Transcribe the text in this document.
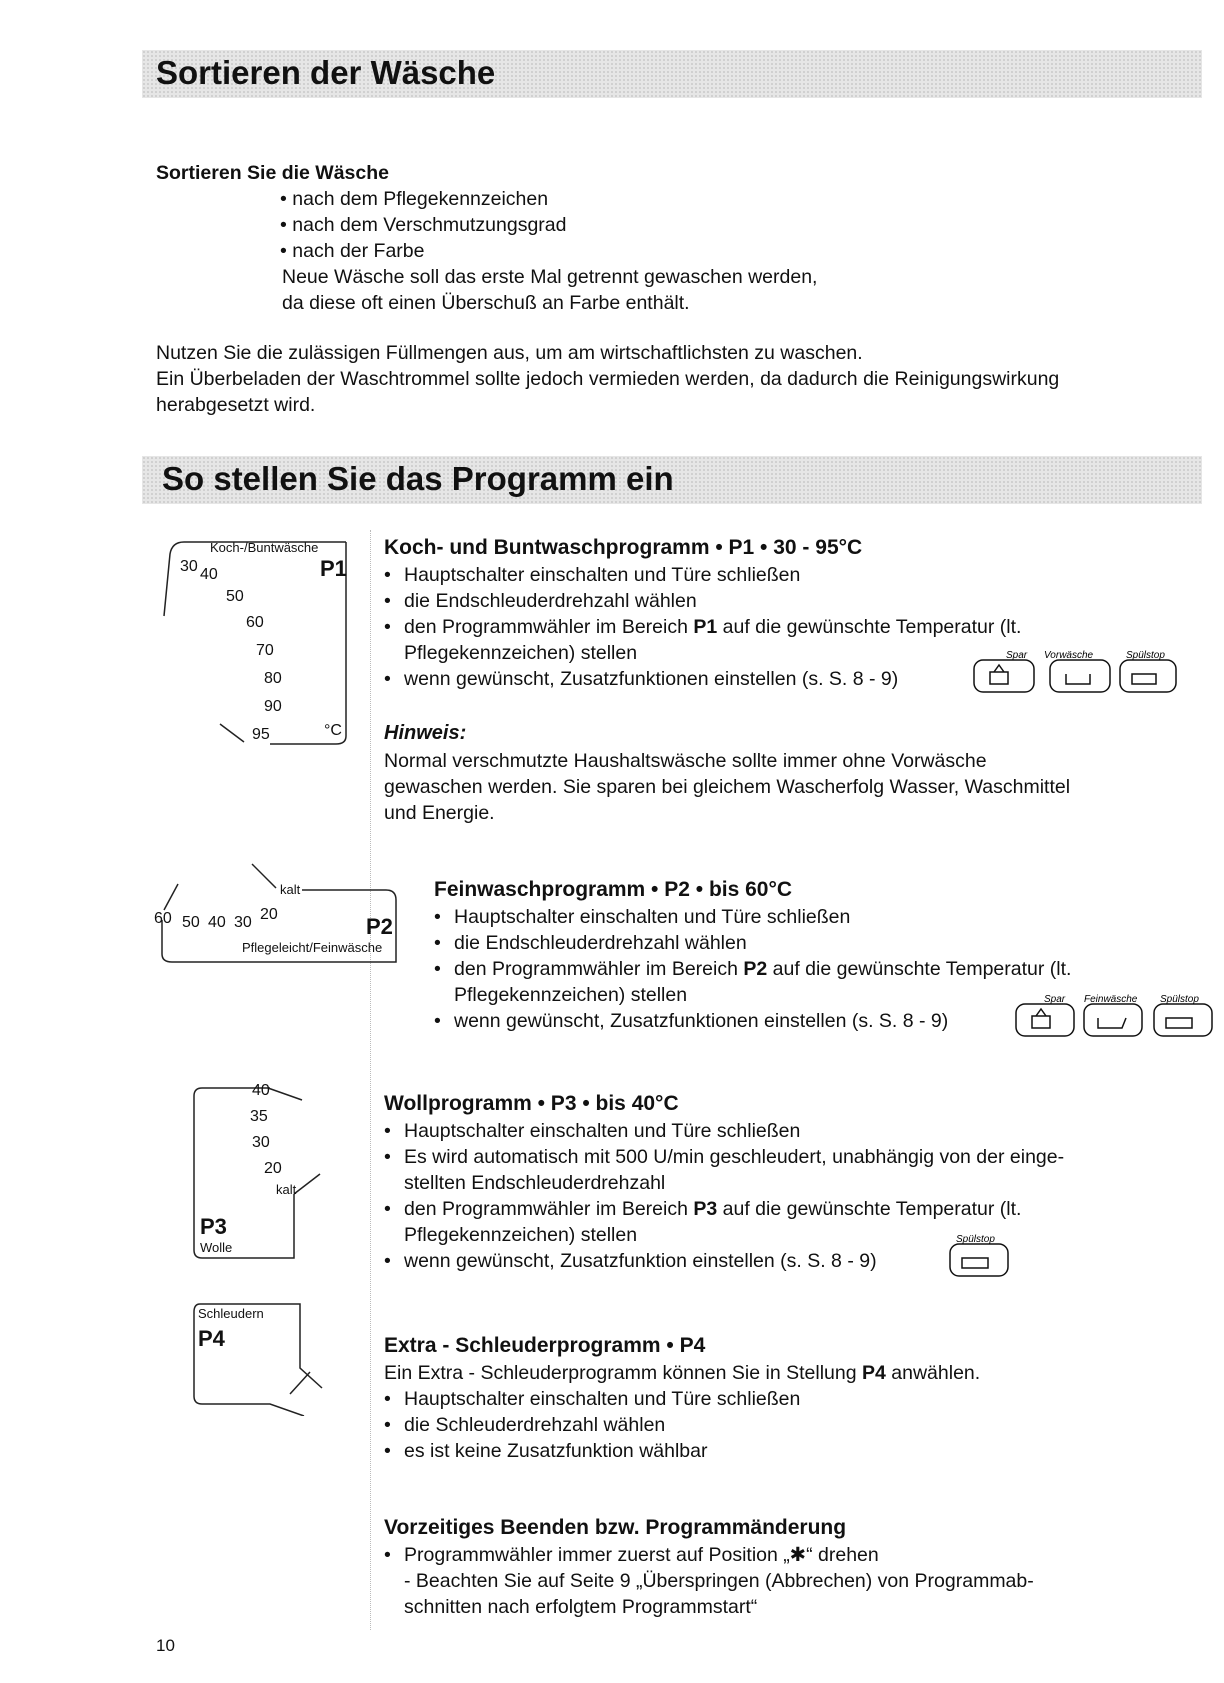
Sortieren der Wäsche
Sortieren Sie die Wäsche
• nach dem Pflegekennzeichen
• nach dem Verschmutzungsgrad
• nach der Farbe
Neue Wäsche soll das erste Mal getrennt gewaschen werden,
da diese oft einen Überschuß an Farbe enthält.
Nutzen Sie die zulässigen Füllmengen aus, um am wirtschaftlichsten zu waschen.
Ein Überbeladen der Waschtrommel sollte jedoch vermieden werden, da dadurch die Reinigungswirkung
herabgesetzt wird.
So stellen Sie das Programm ein
Koch-/Buntwäsche
P1
30 40
50
60
70
80
90
95	°C
Koch- und Buntwaschprogramm • P1 • 30 - 95°C
• Hauptschalter einschalten und Türe schließen
• die Endschleuderdrehzahl wählen
• den Programmwähler im Bereich P1 auf die gewünschte Temperatur (lt.
Pflegekennzeichen) stellen
• wenn gewünscht, Zusatzfunktionen einstellen (s. S. 8 - 9)
Spar Vorwäsche	Spülstop
Hinweis:
Normal verschmutzte Haushaltswäsche sollte immer ohne Vorwäsche
gewaschen werden. Sie sparen bei gleichem Wascherfolg Wasser, Waschmittel
und Energie.
kalt
60 50 40 30 20	P2
Pflegeleicht/Feinwäsche
Feinwaschprogramm • P2 • bis 60°C
• Hauptschalter einschalten und Türe schließen
• die Endschleuderdrehzahl wählen
• den Programmwähler im Bereich P2 auf die gewünschte Temperatur (lt.
Pflegekennzeichen) stellen
• wenn gewünscht, Zusatzfunktionen einstellen (s. S. 8 - 9)
Spar Feinwäsche Spülstop
40
35
30
20
kalt
P3
Wolle
Wollprogramm • P3 • bis 40°C
• Hauptschalter einschalten und Türe schließen
• Es wird automatisch mit 500 U/min geschleudert, unabhängig von der einge-
stellten Endschleuderdrehzahl
• den Programmwähler im Bereich P3 auf die gewünschte Temperatur (lt.
Pflegekennzeichen) stellen
• wenn gewünscht, Zusatzfunktion einstellen (s. S. 8 - 9)
Spülstop
Schleudern
P4	Extra - Schleuderprogramm • P4
Ein Extra - Schleuderprogramm können Sie in Stellung P4 anwählen.
• Hauptschalter einschalten und Türe schließen
• die Schleuderdrehzahl wählen
• es ist keine Zusatzfunktion wählbar
Vorzeitiges Beenden bzw. Programmänderung
• Programmwähler immer zuerst auf Position „✱“ drehen
- Beachten Sie auf Seite 9 „Überspringen (Abbrechen) von Programmab-
schnitten nach erfolgtem Programmstart“
10
